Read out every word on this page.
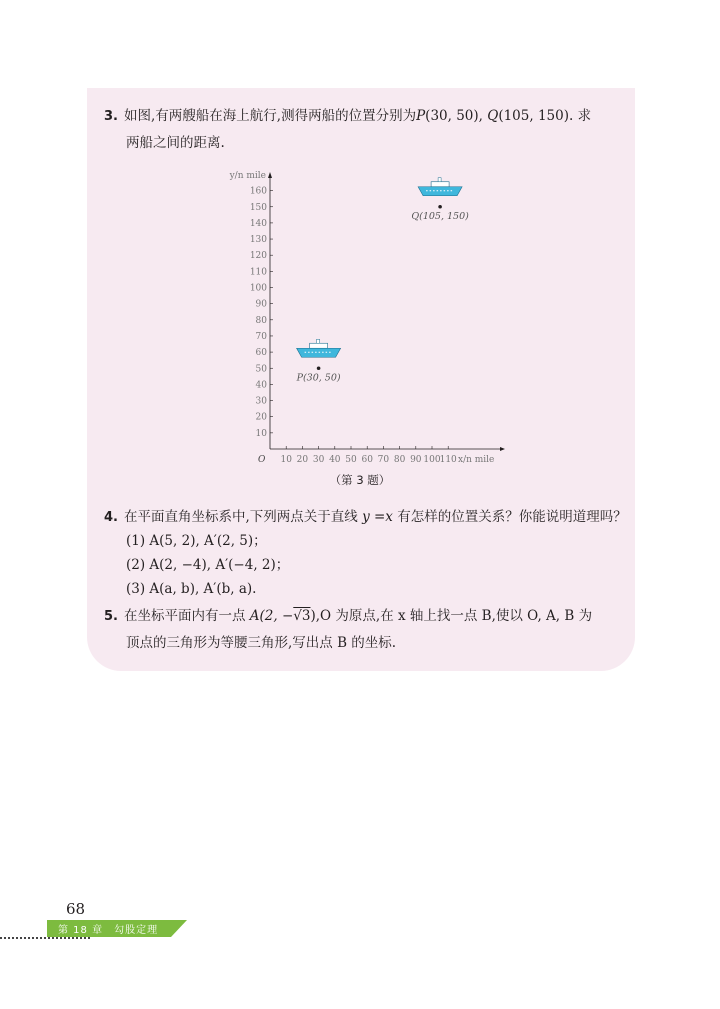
3. 如图,有两艘船在海上航行,测得两船的位置分别为P(30, 50), Q(105, 150). 求
两船之间的距离.
O
y/n mile
x/n mile
10
20
30
40
50
60
70
80
90
100
110
120
130
140
150
160
10 20 30 40 50 60 70 80 90 100 110
P(30, 50)
Q(105, 150)
（第 3 题）
4. 在平面直角坐标系中,下列两点关于直线 y =x 有怎样的位置关系？你能说明道理吗？
(1) A(5, 2), A′(2, 5)；
(2) A(2, −4), A′(−4, 2)；
(3) A(a, b), A′(b, a).
5. 在坐标平面内有一点 A(2, −√3),O 为原点,在 x 轴上找一点 B,使以 O, A, B 为
顶点的三角形为等腰三角形,写出点 B 的坐标.
68
第 18 章　勾股定理
